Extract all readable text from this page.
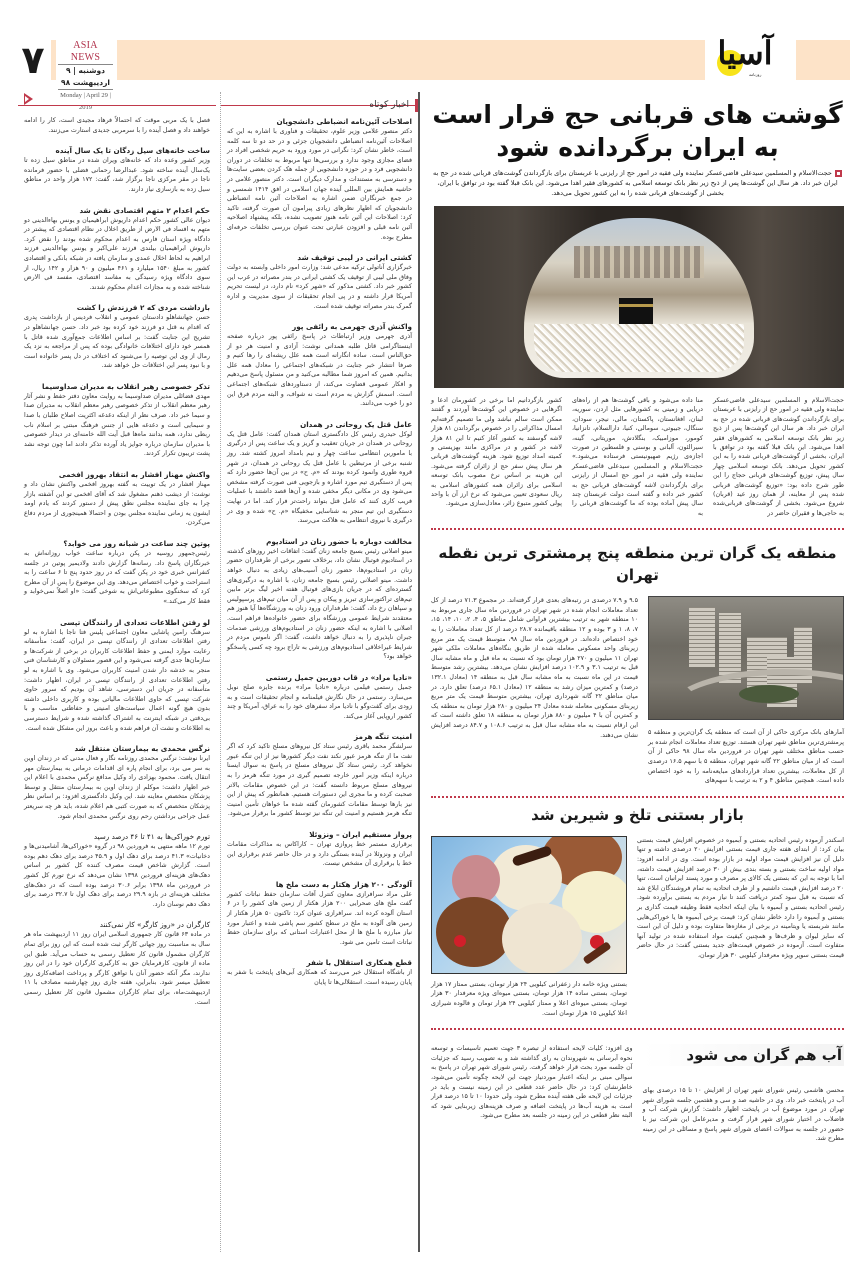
۷	ASIA NEWS
دوشنبه | ۹ اردیبهشت ۹۸
Monday | April 29 | 2019
آسیا
روزنامه

فصل با یک مربی موقت که احتمالاً فرهاد مجیدی است، کار را ادامه خواهند داد و فصل آینده را با سرمربی جدیدی استارت می‌زنند.

ساخت خانه‌های سیل زدگان تا یک سال آینده

وزیر کشور وعده داد که خانه‌های ویران شده در مناطق سیل زده تا یک‌سال آینده ساخته شود. عبدالرضا رحمانی فضلی با حضور فرمانده ناجا در مقر مرکزی ناجا برگزار شد، گفت: ۱۷۲ هزار واحد در مناطق سیل زده به بازسازی نیاز دارند.

حکم اعدام ۲ متهم اقتصادی نقض شد

دیوان عالی کشور حکم اعدام داریوش ابراهیمیان و یونس بهاءالدینی دو متهم به افساد فی الارض از طریق اخلال در نظام اقتصادی که پیشتر در دادگاه ویژه استان فارس به اعدام محکوم شده بودند را نقض کرد. داریوش ابراهیمیان بیلندی فرزند علی‌اکبر و یونس بهاءالدینی فرزند ابراهیم به لحاظ اخلال عمدی و سازمان یافته در شبکه بانکی و اقتصادی کشور به مبلغ ۱۵۴۰ میلیارد و ۴۶۱ میلیون و ۹۰ هزار و ۱۴۲ ریال، از سوی دادگاه ویژه رسیدگی به مفاسد اقتصادی، مفسد فی الارض شناخته شده و به مجازات اعدام محکوم شدند.

بازداشت مردی که ۲ فرزندش را کشت

حسن جهانشاهلو دادستان عمومی و انقلاب فردیس از بازداشت پدری که اقدام به قتل دو فرزند خود کرده بود خبر داد. حسن جهانشاهلو در تشریح این جنایت گفت: بر اساس اطلاعات جمع‌آوری شده قاتل با همسر خود دارای اختلافات خانوادگی بوده که پس از مراجعه به نزد یک رمال از وی این توصیه را می‌شنود که اختلاف در دل پسر خانواده است و با نبود پسر این اختلافات حل خواهد شد.

تذکر خصوصی رهبر انقلاب به مدیران صداوسیما

مهدی فضائلی مدیران صداوسیما به روایت معاون دفتر حفظ و نشر آثار رهبر معظم انقلاب از تذکر خصوصی رهبر معظم انقلاب به مدیران صدا و سیما خبر داد. صرف نظر از اینکه دغدغه اکثریت اصلاح طلبان با صدا و سیمایی است و دغدغه هایی از جنس فرهنگ مبتنی بر اسلام ناب ربطی ندارد، همه بدانند ماه‌ها قبل آیت الله خامنه‌ای در دیدار خصوصی با مدیران سازمان درباره جوایز یاد آورده تذکر دادند اما چون توجه نشد پشت تریبون تکرار کردند.

واکنش مهناز افشار به انتقاد بهروز افخمی

مهناز افشار در یک توییت به گفته بهروز افخمی واکنش نشان داد و نوشت: از دیشب ذهنم مشغول شد که آقای افخمی تو این آشفته بازار چرا به جای نماینده مجلس نطق پیش از دستور کردند که یادم اومد ایشون یه زمانی نماینده مجلس بودن و احتمالا همینجوری از مردم دفاع می‌کردن.

پوتین چند ساعت در شبانه روز می خوابد؟

رئیس‌جمهور روسیه در پکن درباره ساعت خواب روزانه‌اش به خبرنگاران پاسخ داد. رسانه‌ها گزارش دادند ولادیمیر پوتین در جلسه کنفرانس خبری خود در پکن گفت که در روز حدود پنج تا ۶ ساعت را به استراحت و خواب اختصاص می‌دهد. وی این موضوع را پس از آن مطرح کرد که سخنگوی مطبوعاتی‌اش به شوخی گفت: «او اصلاً نمی‌خوابد و فقط کار می‌کند.»

لو رفتن اطلاعات تعدادی از رانندگان تپسی

سرهنگ رامین پاشایی معاون اجتماعی پلیس فتا ناجا با اشاره به لو رفتن اطلاعات تعدادی از رانندگان تپسی در ایران، گفت: متأسفانه رعایت موارد ایمنی و حفظ اطلاعات کاربران در برخی از شرکت‌ها و سازمان‌ها جدی گرفته نمی‌شود و این قصور مسئولان و کارشناسان فنی منجر به خدشه دار شدن امنیت کاربران می‌شود. وی با اشاره به لو رفتن اطلاعات تعدادی از رانندگان تپسی در ایران، اظهار داشت: متأسفانه در جریان این دسترسی، شاهد آن بودیم که سرور حاوی شرکت تپسی که حاوی اطلاعات مالیاتی بوده و کاربری داخلی داشته بدون هیچ گونه اعمال سیاست‌های امنیتی و حفاظتی مناسب و با بی‌دقتی در شبکه اینترنت به اشتراک گذاشته شده و شرایط دسترسی به اطلاعات و نشت آن فراهم شده و باعث بروز این مشکل شده است.

نرگس محمدی به بیمارستان منتقل شد

ایرنا نوشت: نرگس محمدی روزنامه نگار و فعال مدنی که در زندان اوین به سر می برد، برای انجام پاره ای اقدامات درمانی به بیمارستان مهر انتقال یافت. محمود بهزادی راد وکیل مدافع نرگس محمدی با اعلام این خبر اظهار داشت: موکلم از زندان اوین به بیمارستان منتقل و توسط پزشکان متخصص معاینه شد. این وکیل دادگستری افزود: بر اساس نظر پزشکان متخصص که به صورت کتبی هم اعلام شده، باید هر چه سریعتر عمل جراحی برداشتن رحم روی نرگس محمدی انجام شود.

تورم خوراکی‌ها به ۴۱ تا ۴۶ درصد رسید

تورم ۱۲ ماهه منتهی به فروردین ۹۸ در گروه «خوراکی‌ها، آشامیدنی‌ها و دخانیات» ۴۱.۳ درصد برای دهک اول و ۴۵.۹ درصد برای دهک دهم بوده است. گزارش شاخص قیمت مصرف کننده کل کشور بر اساس دهک‌های هزینه‌ای فروردین ۱۳۹۸ نشان می‌دهد که نرخ تورم کل کشور در فروردین ماه ۱۳۹۸ برابر ۳۰.۶ درصد بوده است که در دهک‌های مختلف هزینه‌ای در بازه ۲۹.۹ درصد برای دهک اول تا ۳۲.۷ درصد برای دهک دهم نوسان دارد.

کارگران در «روز کارگر» کار نمی‌کنند

در ماده ۶۳ قانون کار جمهوری اسلامی ایران روز ۱۱ اردیبهشت ماه هر سال به مناسبت روز جهانی کارگر ثبت شده است که این روز برای تمام کارگران مشمول قانون کار تعطیل رسمی به حساب می‌آید. طبق این ماده از قانون، کارفرمایان حق به کارگیری کارگران خود را در این روز ندارند، مگر آنکه حضور آنان با توافق کارگر و پرداخت اضافه‌کاری روز تعطیل میسر شود. بنابراین، هفته جاری روز چهارشنبه مصادف با ۱۱ اردیبهشت‌ماه، برای تمام کارگران مشمول قانون کار تعطیل رسمی است.

اخبار کوتاه
اصلاحات آئین‌نامه انضباطی دانشجویان

دکتر منصور غلامی وزیر علوم، تحقیقات و فناوری با اشاره به این که اصلاحات آئین‌نامه انضباطی دانشجویان جزئی و در حد دو تا سه کلمه است، خاطر نشان کرد: نگرانی در مورد ورود به حریم شخصی افراد در فضای مجازی وجود ندارد و بررسی‌ها تنها مربوط به تخلفات در دوران دانشجویی فرد و در حوزه دانشجویی از جمله هک کردن بعضی سایت‌ها و دسترسی به مستندات و مدارک دیگران است. دکتر منصور غلامی در حاشیه همایش بین المللی آینده جهان اسلامی در افق ۱۴۱۴ شمسی و در جمع خبرنگاران ضمن اشاره به اصلاحات آئین نامه انضباطی دانشجویان که اظهار نظرهای زیادی پیرامون آن صورت گرفته، تاکید کرد: اصلاحات این آئین نامه هنوز تصویب نشده، بلکه پیشنهاد اصلاحیه آئین نامه قبلی و افزودن عبارتی تحت عنوان بررسی تخلفات حرفه‌ای مطرح بوده.

کشتی ایرانی در لیبی توقیف شد

خبرگزاری آناتولی ترکیه مدعی شد: وزارت امور داخلی وابسته به دولت وفاق ملی لیبی از توقیف یک کشتی ایرانی در بندر مصراته در غرب این کشور خبر داد. کشتی مذکور که «شهر کرد» نام دارد، در لیست تحریم آمریکا قرار داشته و در پی انجام تحقیقات از سوی مدیریت و اداره گمرک بندر مصراته توقیف شده است.

واکنش آذری جهرمی به رائفی پور

آذری جهرمی وزیر ارتباطات در پاسخ رائفی پور درباره صفحه اینستاگرامی قاتل طلبه همدانی نوشت: آزادی و امنیت هر دو از حق‌الناس است. ساده انگارانه است همه علل ریشه‌ای را رها کنیم و صرفا انتشار خبر جنایت در شبکه‌های اجتماعی را معادل همه علل بدانیم. همین که امروز شما مطالبه می‌کنید و من مسئول پاسخ می‌دهیم و افکار عمومی قضاوت می‌کند، از دستاوردهای شبکه‌های اجتماعی است. اسمش گزارش به مردم است نه شواف، و البته مردم فرق این دو را خوب می‌دانند.

عامل قتل یک روحانی در همدان

لوکل حیدری رئیس کل دادگستری استان همدان گفت: عامل قتل یک روحانی در همدان در جریان تعقیب و گریز و یک ساعت پس از درگیری با ماموربن انتظامی ساعت چهار و نیم بامداد امروز کشته شد. روز شنبه برخی از مرتبطین با عامل قتل یک روحانی در همدان، در شهر قروه طوری وانمود کرده بودند که «م. ح» در بین آن‌ها حضور دارد که پس از دستگیری تیم مورد اشاره و بازجویی فنی صورت گرفته مشخص می‌شود وی در مکانی دیگر مخفی شده و آن‌ها قصد داشتند با عملیات فریب کاری کنند که عامل قتل بتواند راحت‌تر فرار کند. اما در نهایت دستگیری این تیم منجر به شناسایی مخفیگاه «م. ح» شده و وی در درگیری با نیروی انتظامی به هلاکت می‌رسد.

مخالفت دوباره با حضور زنان در استادیوم

مینو اصلانی رئیس بسیج جامعه زنان گفت: اتفاقات اخیر روزهای گذشته در استادیوم فوتبال نشان داد، برخلاف تصور برخی از طرفداران حضور زنان در استادیوم‌ها، حضور زنان آسیب‌های زیادی به دنبال خواهد داشت. مینو اصلانی رئیس بسیج جامعه زنان، با اشاره به درگیری‌های گسترده‌ای که در جریان بازی‌های فوتبال هفته اخیر لیگ برتر مابین تیم‌های تراکتورسازی تبریز و پیکان و پس از آن میان تیم‌های پرسپولیس و سپاهان رخ داد، گفت: طرفداران ورود زنان به ورزشگاه‌ها آیا هنوز هم معتقدند شرایط عمومی ورزشگاه برای حضور خانواده‌ها فراهم است. اصلانی با اشاره به اینکه حضور زنان در استادیوم‌های ورزشی صدمات جبران ناپذیری را به دنبال خواهد داشت، گفت: اگر ناموس مردم در شرایط غیراخلاقی استادیوم‌های ورزشی به تاراج برود چه کسی پاسخگو خواهد بود؟

«نادیا مراد» در قاب دوربین جمیل رستمی

جمیل رستمی فیلمی درباره «نادیا مراد» برنده جایزه صلح نوبل می‌سازد. رستمی در حال نگارش فیلمنامه و انجام تحقیقات است و به زودی برای گفت‌وگو با نادیا مراد سفرهای خود را به عراق، آمریکا و چند کشور اروپایی آغاز می‌کند.

امنیت تنگه هرمز

سرلشگر محمد باقری رئیس ستاد کل نیروهای مسلح تاکید کرد که اگر نفت ما از تنگه هرمز عبور نکند نفت دیگر کشورها نیز از این تنگه عبور نخواهد کرد. رئیس ستاد کل نیروهای مسلح در پاسخ به سوال ایسنا درباره اینکه وزیر امور خارجه تصمیم گیری در مورد تنگه هرمز را به نیروهای مسلح مربوط دانسته گفت: در این خصوص مقامات بالاتر صحبت کرده و ما مجری این دستورات هستیم. همانطور که پیش از این نیز بارها توسط مقامات کشورمان گفته شده ما خواهان تأمین امنیت تنگه هرمز هستیم و امنیت این تنگه نیز توسط کشور ما برقرار می‌شود.

پرواز مستقیم ایران – ونزوئلا

برقراری مستمر خط پروازی تهران – کاراکاس به مذاکرات مقامات ایران و ونزوئلا در آینده بستگی دارد و در حال حاضر عدم برقراری این خط یا برقراری آن مشخص نیست.

آلودگی ۲۰۰ هزار هکتار به دست ملخ ها

علی مراد سرافرازی معاون کنترل آفات سازمان حفظ نباتات کشور گفت ملخ های صحرایی ۲۰۰ هزار هکتار از زمین های کشور را در ۶ استان آلوده کرده اند. سرافرازی عنوان کرد: تاکنون ۵۰ هزار هکتار از زمین های آلوده به ملخ در سطح کشور سم پاشی شده و اعتبار مورد نیاز مبارزه با ملخ ها از محل اعتبارات استانی که برای سازمان حفظ نباتات است تامین می شود.

قطع همکاری استقلال با شفر

از باشگاه استقلال خبر می‌رسد که همکاری آبی‌های پایتخت با شفر به پایان رسیده است. استقلالی‌ها تا پایان

گوشت های قربانی حج قرار است
به ایران برگردانده شود

حجت‌الاسلام و المسلمین سیدعلی قاضی‌عسکر نماینده ولی فقیه در امور حج از رایزنی با عربستان برای بازگرداندن گوشت‌های قربانی شده در حج به ایران خبر داد. هر سال این گوشت‌ها پس از ذبح زیر نظر بانک توسعه اسلامی به کشورهای فقیر اهدا می‌شود. این بانک قبلا گفته بود در توافق با ایران، بخشی از گوشت‌های قربانی شده را به این کشور تحویل می‌دهد.

حجت‌الاسلام و المسلمین سیدعلی قاضی‌عسکر نماینده ولی فقیه در امور حج از رایزنی با عربستان برای بازگرداندن گوشت‌های قربانی شده در حج به ایران خبر داد. هر سال این گوشت‌ها پس از ذبح زیر نظر بانک توسعه اسلامی به کشورهای فقیر اهدا می‌شود. این بانک قبلا گفته بود در توافق با ایران، بخشی از گوشت‌های قربانی شده را به این کشور تحویل می‌دهد. بانک توسعه اسلامی چهار سال پیش، توزیع گوشت‌های قربانی حجاج را این طور شرح داده بود: «توزیع گوشت‌های قربانی شده پس از معاینه، از همان روز عید (قربان) شروع می‌شود. بخشی از گوشت‌های قربانی‌شده به حاجی‌ها و فقیران حاضر در
منا داده می‌شود و باقی گوشت‌ها هم از راه‌های دریایی و زمینی به کشورهایی مثل اردن، سوریه، لبنان، افغانستان، پاکستان، مالی، نیجر، سودان، سنگال، جیبوتی، سومالی، کنیا، دارالسلام، تانزانیا، کومور، موزامبیک، بنگلادش، موریتانی، گینه، سیرالئون، آلبانی و بوسنی و فلسطین در صورت اجازه‌ی رژیم صهیونیستی فرستاده می‌شود.» حجت‌الاسلام و المسلمین سیدعلی قاضی‌عسکر نماینده ولی فقیه در امور حج امسال از رایزنی برای بازگرداندن لاشه گوشت‌های قربانی حج به کشور خبر داده و گفته است دولت عربستان چند سال پیش آماده بوده که ما گوشت‌های قربانی را به
کشور بازگردانیم اما برخی در کشورمان ادعا و اگرهایی در خصوص این گوشت‌ها آوردند و گفتند ممکن است سالم نباشد ولی ما تصمیم گرفته‌ایم امسال مذاکراتی را در خصوص برگرداندن ۸۱ هزار لاشه گوسفند به کشور آغاز کنیم تا این ۸۱ هزار لاشه در کشور و در مراکزی مانند بهزیستی و کمیته امداد توزیع شود. هزینه گوشت‌های قربانی هر سال پیش سفر حج از زائران گرفته می‌شود. این هزینه بر اساس نرخ مصوب بانک توسعه اسلامی برای زائران همه کشورهای اسلامی به ریال سعودی تعیین می‌شود که نرخ ارز آن با واحد پولی کشور متبوع زائر، معادل‌سازی می‌شود.
منطقه یک گران ترین منطقه پنج پرمشتری ترین نقطه تهران

آمارهای بانک مرکزی حاکی از آن است که منطقه یک گران‌ترین و منطقه ۵ پرمشتری‌ترین مناطق شهر تهران هستند. توزیع تعداد معاملات انجام شده بر حسب مناطق مختلف شهر تهران در فروردین ماه سال ۹۸ حاکی از آن است که از میان مناطق ۲۲ گانه شهر تهران، منطقه ۵ با سهم ۱۶.۵ درصدی از کل معاملات، بیشترین تعداد قراردادهای مبایعه‌نامه را به خود اختصاص داده است. همچنین مناطق ۴ و ۲ به ترتیب با سهم‌های

۹.۵ و ۷.۹ درصدی در رتبه‌های بعدی قرار گرفته‌اند. در مجموع ۷۱.۳ درصد از کل تعداد معاملات انجام شده در شهر تهران در فروردین ماه سال جاری مربوط به ۱۰ منطقه شهر به ترتیب بیشترین فراوانی شامل مناطق ۵، ۴، ۲، ۱۰، ۱۴، ۱۵، ۷، ۸، ۱ و ۳ بوده و ۱۲ منطقه باقیمانده ۲۸.۷ درصد از کل تعداد معاملات را به خود اختصاص داده‌اند. در فروردین ماه سال ۹۸، متوسط قیمت یک متر مربع زیربنای واحد مسکونی معامله شده از طریق بنگاه‌های معاملات ملکی شهر تهران ۱۱ میلیون و ۲۷۰ هزار تومان بود که نسبت به ماه قبل و ماه مشابه سال قبل به ترتیب ۳.۱ و ۱۰۲.۹ درصد افزایش نشان می‌دهد. بیشترین رشد متوسط قیمت در این ماه نسبت به ماه مشابه سال قبل به منطقه ۱۴ (معادل ۱۳۲.۱ درصد) و کمترین میزان رشد به منطقه ۱۲ (معادل ۶۵.۱ درصد) تعلق دارد. در میان مناطق ۲۲ گانه شهرداری تهران، بیشترین متوسط قیمت یک متر مربع زیربنای مسکونی معامله شده معادل ۲۴ میلیون و ۲۸۰ هزار تومان به منطقه یک و کمترین آن با ۴ میلیون و ۸۸۰ هزار تومان به منطقه ۱۸ تعلق داشته است که این ارقام نسبت به ماه مشابه سال قبل به ترتیب ۱۰۸.۶ و ۸۴.۷ درصد افزایش نشان می‌دهند.

بازار بستنی تلخ و شیرین شد

اسکندر آزموده رئیس اتحادیه بستنی و آبمیوه در خصوص افزایش قیمت بستنی بیان کرد: از ابتدای هفته جاری قیمت بستنی افزایش ۲۰ درصدی داشته و تنها دلیل آن نیز افزایش قیمت مواد اولیه در بازار بوده است. وی در ادامه افزود: مواد اولیه ساخت بستنی و بسته بندی بیش از ۳۰ درصد افزایش قیمت داشته، اما با توجه به این که بستنی یک کالای پر مصرف و مورد پسند ایرانیان است، تنها ۲۰ درصد افزایش قیمت داشتیم و از طرف اتحادیه به تمام فروشندگان ابلاغ شد که نسبت به قبل سود کمتر دریافت کنند تا نیاز مردم به بستنی برآورده شود. رئیس اتحادیه بستنی و آبمیوه با بیان اینکه اتحادیه فقط وظیفه قیمت گذاری بر بستنی و آبمیوه را دارد خاطر نشان کرد: قیمت برخی آبمیوه ها یا خوراکی‌هایی مانند شربسته یا ویتامینه در برخی از مغازه‌ها متفاوت بوده و دلیل آن این است که سایز لیوان و ظرف‌ها و همچنین کیفیت مواد استفاده شده در تولید آنها متفاوت است. آزموده در خصوص قیمت‌های جدید بستنی گفت: در حال حاضر قیمت بستنی سوپر ویژه معرفدار کیلویی ۳۰ هزار تومان،

بستنی ویژه خامه دار زعفرانی کیلویی ۲۴ هزار تومان، بستنی ممتاز ۱۷ هزار تومان، بستنی ساده ۱۴ هزار تومان، بستنی میوه‌ای ویژه معرفدار ۳۰ هزار تومان، بستنی میوه‌ای اعلا و ممتاز کیلویی ۲۴ هزار تومان و فالوده شیرازی اعلا کیلویی ۱۵ هزار تومان است.

آب هم گران می شود

محسن هاشمی رئیس شورای شهر تهران از افزایش ۱۰ تا ۱۵ درصدی بهای آب در پایتخت خبر داد. وی در حاشیه صد و سی و هفتمین جلسه شورای شهر تهران در مورد موضوع آب در پایتخت اظهار داشت: گزارش شرکت آب و فاضلاب در اختیار شورای شهر قرار گرفت و مدیرعامل این شرکت نیز با حضور در جلسه به سوالات اعضای شورای شهر پاسخ و مسائلی در این زمینه مطرح شد.

وی افزود: کلیات لایحه استفاده از تبصره ۳ جهت تعمیم تاسیسات و توسعه نحوه آبرسانی به شهروندان به رای گذاشته شد و به تصویب رسید که جزئیات آن جلسه مورد بحث قرار خواهد گرفت. رئیس شورای شهر تهران در پاسخ به سوالی مبنی بر اینکه اعتبار موردنیاز جهت این لایحه چگونه تأمین می‌شود، خاطرنشان کرد: در حال حاضر عدد قطعی در این زمینه نیست و باید در جزئیات این لایحه طی هفته آینده مطرح شود، ولی حدودا ۱۰ تا ۱۵ درصد قرار است به هزینه آب‌ها در پایتخت اضافه و صرف هزینه‌های زیربنایی شود که البته نظر قطعی در این زمینه در جلسه بعد مطرح می‌شود.
